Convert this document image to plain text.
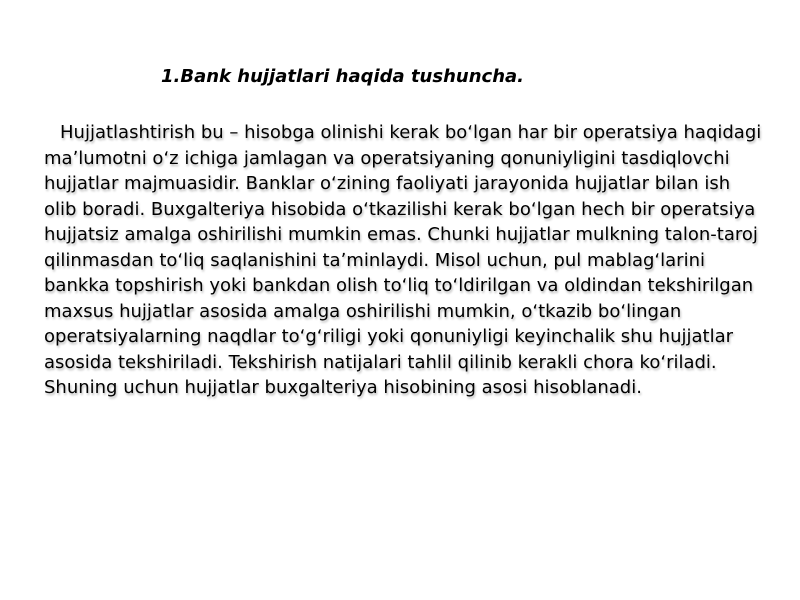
1.Bank hujjatlari haqida tushuncha.
Hujjatlashtirish bu – hisobga olinishi kerak boʻlgan har bir operatsiya haqidagi
maʼlumotni oʻz ichiga jamlagan va operatsiyaning qonuniyligini tasdiqlovchi
hujjatlar majmuasidir. Banklar oʻzining faoliyati jarayonida hujjatlar bilan ish
olib boradi. Buxgalteriya hisobida oʻtkazilishi kerak boʻlgan hech bir operatsiya
hujjatsiz amalga oshirilishi mumkin emas. Chunki hujjatlar mulkning talon-taroj
qilinmasdan toʻliq saqlanishini taʼminlaydi. Misol uchun, pul mablagʻlarini
bankka topshirish yoki bankdan olish toʻliq toʻldirilgan va oldindan tekshirilgan
maxsus hujjatlar asosida amalga oshirilishi mumkin, oʻtkazib boʻlingan
operatsiyalarning naqdlar toʻgʻriligi yoki qonuniyligi keyinchalik shu hujjatlar
asosida tekshiriladi. Tekshirish natijalari tahlil qilinib kerakli chora koʻriladi.
Shuning uchun hujjatlar buxgalteriya hisobining asosi hisoblanadi.
